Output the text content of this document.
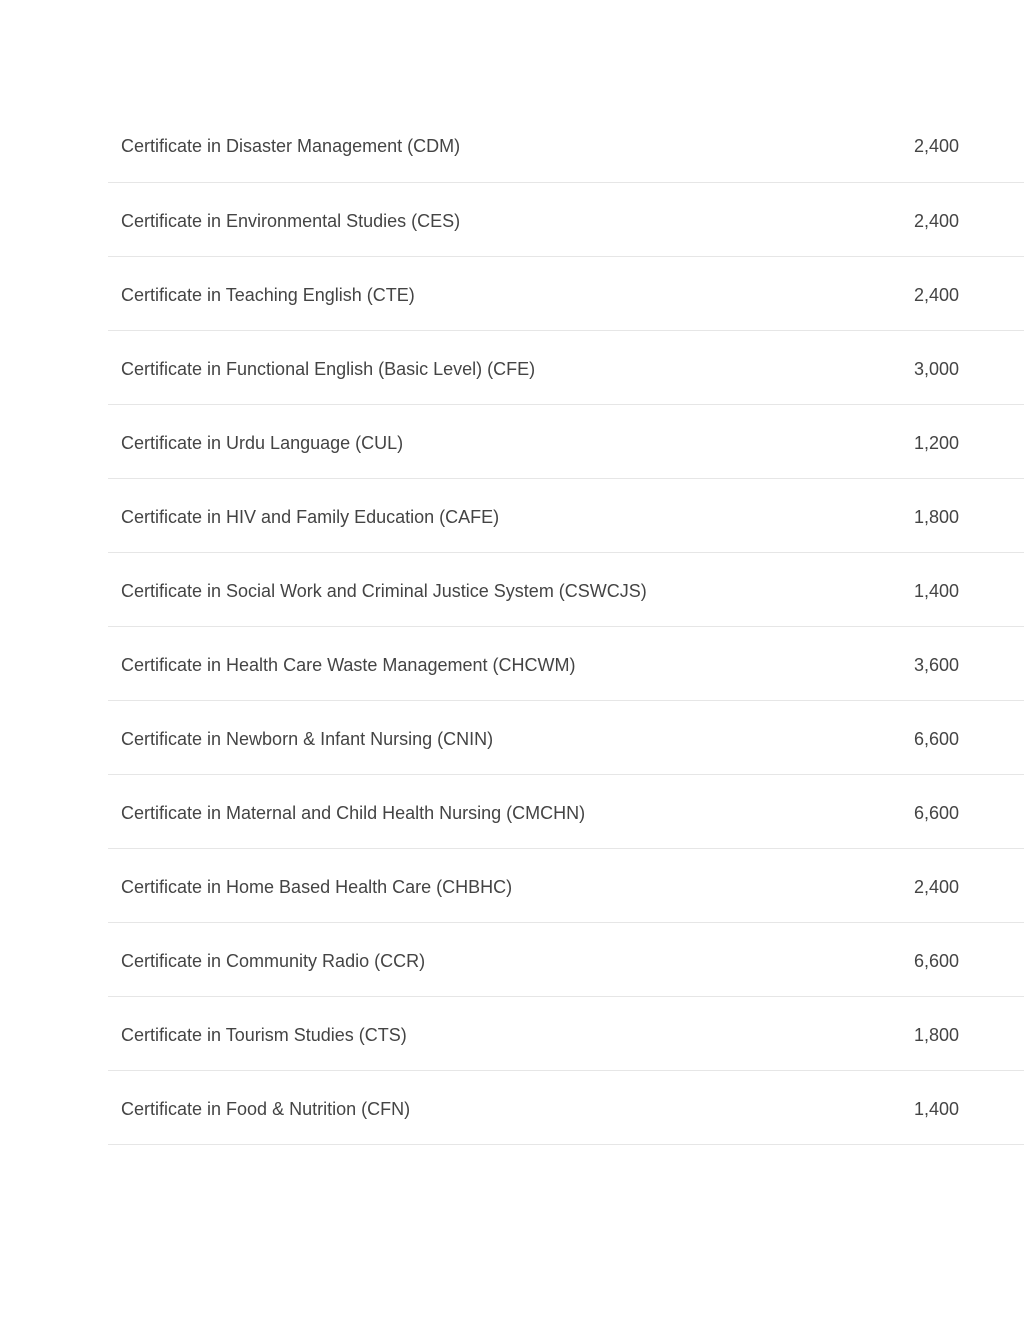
Certificate in Disaster Management (CDM)	2,400
Certificate in Environmental Studies (CES)	2,400
Certificate in Teaching English (CTE)	2,400
Certificate in Functional English (Basic Level) (CFE)	3,000
Certificate in Urdu Language (CUL)	1,200
Certificate in HIV and Family Education (CAFE)	1,800
Certificate in Social Work and Criminal Justice System (CSWCJS)	1,400
Certificate in Health Care Waste Management (CHCWM)	3,600
Certificate in Newborn & Infant Nursing (CNIN)	6,600
Certificate in Maternal and Child Health Nursing (CMCHN)	6,600
Certificate in Home Based Health Care (CHBHC)	2,400
Certificate in Community Radio (CCR)	6,600
Certificate in Tourism Studies (CTS)	1,800
Certificate in Food & Nutrition (CFN)	1,400
